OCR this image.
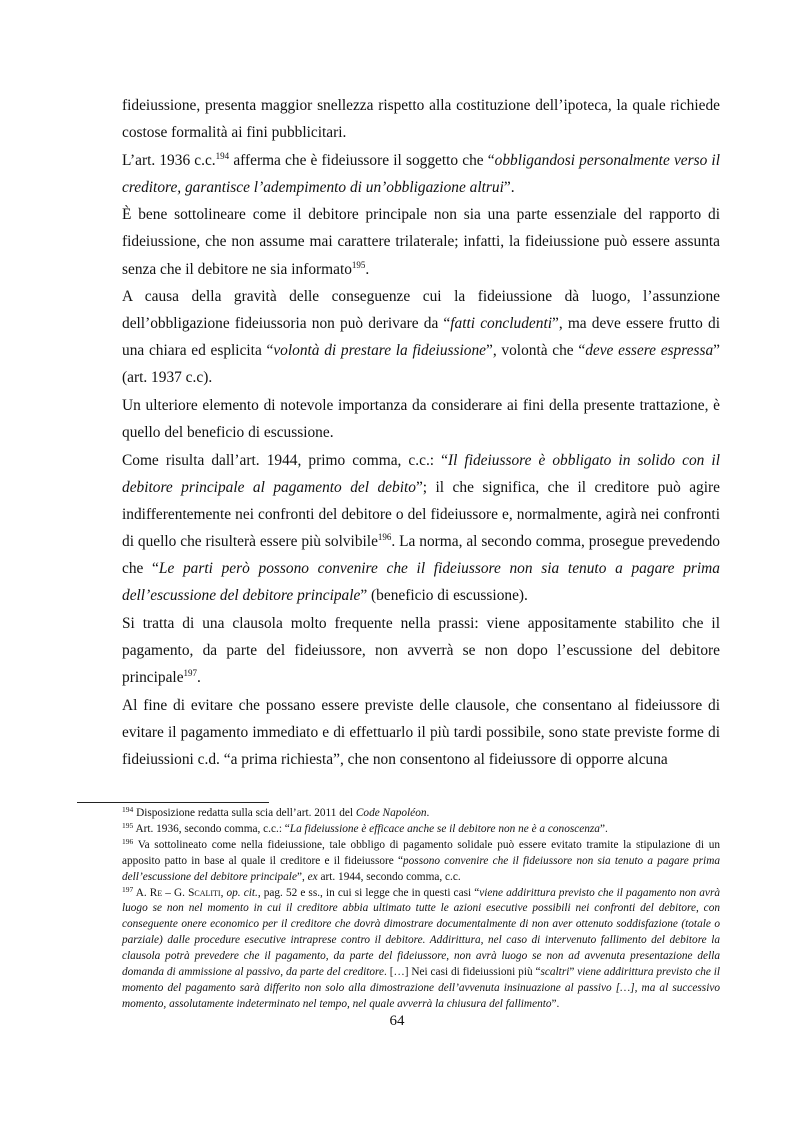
fideiussione, presenta maggior snellezza rispetto alla costituzione dell’ipoteca, la quale richiede costose formalità ai fini pubblicitari.

L’art. 1936 c.c.$^{194}$ afferma che è fideiussore il soggetto che “obbligandosi personalmente verso il creditore, garantisce l’adempimento di un’obbligazione altrui”.

È bene sottolineare come il debitore principale non sia una parte essenziale del rapporto di fideiussione, che non assume mai carattere trilaterale; infatti, la fideiussione può essere assunta senza che il debitore ne sia informato$^{195}$.

A causa della gravità delle conseguenze cui la fideiussione dà luogo, l’assunzione dell’obbligazione fideiussoria non può derivare da “fatti concludenti”, ma deve essere frutto di una chiara ed esplicita “volontà di prestare la fideiussione”, volontà che “deve essere espressa” (art. 1937 c.c).

Un ulteriore elemento di notevole importanza da considerare ai fini della presente trattazione, è quello del beneficio di escussione.

Come risulta dall’art. 1944, primo comma, c.c.: “Il fideiussore è obbligato in solido con il debitore principale al pagamento del debito”; il che significa, che il creditore può agire indifferentemente nei confronti del debitore o del fideiussore e, normalmente, agirà nei confronti di quello che risulterà essere più solvibile$^{196}$. La norma, al secondo comma, prosegue prevedendo che “Le parti però possono convenire che il fideiussore non sia tenuto a pagare prima dell’escussione del debitore principale” (beneficio di escussione).

Si tratta di una clausola molto frequente nella prassi: viene appositamente stabilito che il pagamento, da parte del fideiussore, non avverrà se non dopo l’escussione del debitore principale$^{197}$.

Al fine di evitare che possano essere previste delle clausole, che consentano al fideiussore di evitare il pagamento immediato e di effettuarlo il più tardi possibile, sono state previste forme di fideiussioni c.d. “a prima richiesta”, che non consentono al fideiussore di opporre alcuna

$^{194}$ Disposizione redatta sulla scia dell’art. 2011 del Code Napoléon.

$^{195}$ Art. 1936, secondo comma, c.c.: “La fideiussione è efficace anche se il debitore non ne è a conoscenza”.

$^{196}$ Va sottolineato come nella fideiussione, tale obbligo di pagamento solidale può essere evitato tramite la stipulazione di un apposito patto in base al quale il creditore e il fideiussore “possono convenire che il fideiussore non sia tenuto a pagare prima dell’escussione del debitore principale”, ex art. 1944, secondo comma, c.c.

$^{197}$ A. Re – G. Scaliti, op. cit., pag. 52 e ss., in cui si legge che in questi casi “viene addirittura previsto che il pagamento non avrà luogo se non nel momento in cui il creditore abbia ultimato tutte le azioni esecutive possibili nei confronti del debitore, con conseguente onere economico per il creditore che dovrà dimostrare documentalmente di non aver ottenuto soddisfazione (totale o parziale) dalle procedure esecutive intraprese contro il debitore. Addirittura, nel caso di intervenuto fallimento del debitore la clausola potrà prevedere che il pagamento, da parte del fideiussore, non avrà luogo se non ad avvenuta presentazione della domanda di ammissione al passivo, da parte del creditore. […] Nei casi di fideiussioni più “scaltri” viene addirittura previsto che il momento del pagamento sarà differito non solo alla dimostrazione dell’avvenuta insinuazione al passivo […], ma al successivo momento, assolutamente indeterminato nel tempo, nel quale avverrà la chiusura del fallimento”.

64
